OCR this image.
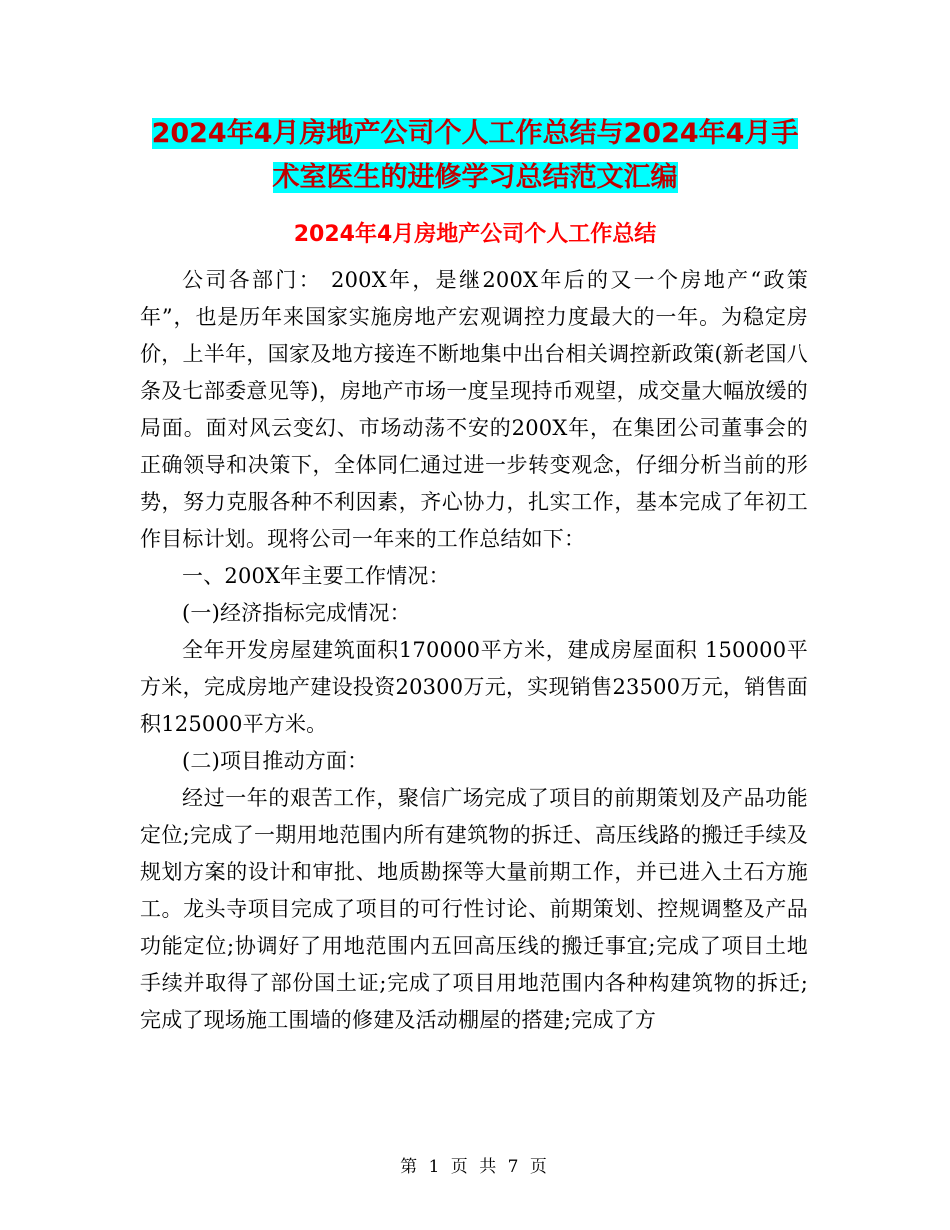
2024年4月房地产公司个人工作总结与2024年4月手术室医生的进修学习总结范文汇编
2024年4月房地产公司个人工作总结

公司各部门： 200X年，是继200X年后的又一个房地产“政策年”，也是历年来国家实施房地产宏观调控力度最大的一年。为稳定房价，上半年，国家及地方接连不断地集中出台相关调控新政策(新老国八条及七部委意见等)，房地产市场一度呈现持币观望，成交量大幅放缓的局面。面对风云变幻、市场动荡不安的200X年，在集团公司董事会的正确领导和决策下，全体同仁通过进一步转变观念，仔细分析当前的形势，努力克服各种不利因素，齐心协力，扎实工作，基本完成了年初工作目标计划。现将公司一年来的工作总结如下：

一、200X年主要工作情况：

(一)经济指标完成情况：

全年开发房屋建筑面积170000平方米，建成房屋面积 150000平方米，完成房地产建设投资20300万元，实现销售23500万元，销售面积125000平方米。

(二)项目推动方面：

经过一年的艰苦工作，聚信广场完成了项目的前期策划及产品功能定位;完成了一期用地范围内所有建筑物的拆迁、高压线路的搬迁手续及规划方案的设计和审批、地质勘探等大量前期工作，并已进入土石方施工。龙头寺项目完成了项目的可行性讨论、前期策划、控规调整及产品功能定位;协调好了用地范围内五回高压线的搬迁事宜;完成了项目土地手续并取得了部份国土证;完成了项目用地范围内各种构建筑物的拆迁;完成了现场施工围墙的修建及活动棚屋的搭建;完成了方

第 1 页 共 7 页
